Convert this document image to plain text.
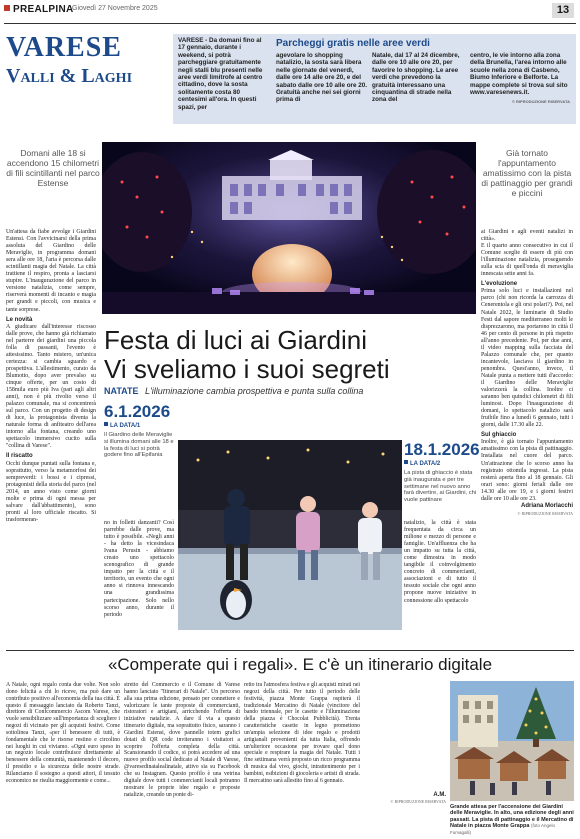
PREALPINA
Giovedì 27 Novembre 2025	13
VARESE
Valli & Laghi
VARESE - Da domani fino al 17 gennaio, durante i weekend, si potrà parcheggiare gratuitamente negli stalli blu presenti nelle aree verdi limitrofe al centro cittadino, dove la sosta solitamente costa 80 centesimi all'ora. In questi spazi, per
Parcheggi gratis nelle aree verdi
agevolare lo shopping natalizio, la sosta sarà libera nelle giornate del venerdì, dalle ore 14 alle ore 20, e del sabato dalle ore 10 alle ore 20. Gratuità anche nei sei giorni prima di
Natale, dal 17 al 24 dicembre, dalle ore 10 alle ore 20, per favorire lo shopping. Le aree verdi che prevedono la gratuità interessano una cinquantina di strade nella zona del
centro, le vie intorno alla zona della Brunella, l'area intorno alle scuole nella zona di Casbeno, Biumo Inferiore e Belforte. La mappe complete si trova sul sito www.varesenews.it.
© RIPRODUZIONE RISERVATA
Domani alle 18 si accendono 15 chilometri di fili scintillanti nel parco Estense
Già tornato l'appuntamento amatissimo con la pista di pattinaggio per grandi e piccini

Un'attesa da fiabe avvolge i Giardini Estensi. Con l'avvicinarsi della prima assoluta del Giardino delle Meraviglie, in programma domani sera alle ore 18, l'aria è percorsa dalle scintillanti magia del Natale. La città trattiene il respiro, pronta a lasciarsi stupire. L'inaugurazione del parco in versione natalizia, come sempre, riserverà momenti di incanto e magia per grandi e piccoli, con musica e tante sorprese.

Le novità

A giudicare dall'interesse riscosso dalle prove, che hanno già richiamato nel parterre dei giardini una piccola folla di passanti, l'evento è attesissimo. Tanto mistero, un'unica certezza: si cambia sguardo e prospettiva. L'allestimento, curato da Blumotto, dopo aver prevalso su cinque offerte, per un costo di 158mila euro più Iva (pari agli altri anni), non è più rivolto verso il palazzo comunale, ma si concentrerà sul parco. Con un progetto di design di luce, la protagonista diventa la naturale forma di anfiteatro dell'area intorno alla fontana, creando uno spettacolo immersivo cucito sulla "collina di Varese".

Il riscatto

Occhi dunque puntati sulla fontana e, soprattutto, verso la metamorfosi dei sempreverdi: i bossi e i cipressi, protagonisti della storia del parco (nel 2014, un anno visto come giorni molte e prima di ogni messa per salvare dall'abbattimento), sono pronti al loro ufficiale riscatto. Si trasformeran-

Festa di luci ai Giardini
Vi sveliamo i suoi segreti
NATATE L'illuminazione cambia prospettiva e punta sulla collina
6.1.2026
LA DATA/1
Il Giardino delle Meraviglie si illumina domani alle 18 e la festa di luci si potrà godere fino all'Epifania	18.1.2026
LA DATA/2
La pista di ghiaccio è stata già inaugurata e per tre settimane nel nuovo anno farà divertire, ai Giardini, chi vuole pattinare
no in folletti danzanti? Così parrebbe dalle prove, ma tutto è possibile. «Negli anni - ha detto la vicesindaca Ivana Perusin - abbiamo creato uno spettacolo scenografico di grande impatto per la città e il territorio, un evento che ogni anno si rinnova innescando una grandissima partecipazione. Solo nello scorso anno, durante il periodo
natalizio, la città è stata frequentata da circa un milione e mezzo di persone e famiglie. Un'affluenza che ha un impatto su tutta la città, come dimostra in modo tangibile il coinvolgimento concreto di commercianti, associazioni e di tutto il tessuto sociale che ogni anno propone nuove iniziative in connessione allo spettacolo

ai Giardini e agli eventi natalizi in città».

E il quarto anno consecutivo in cui il Comune sceglie di essere di più con l'illuminazione natalizia, proseguendo sulla scia di quell'onda di meraviglia innescata sette anni fa.

L'evoluzione

Prima solo luci e installazioni nel parco (chi non ricorda la carrozza di Cenerentola e gli orsi polari?). Poi, nel Natale 2022, le luminarie di Studio Festi dal sapore mediterraneo molti le disprezzarono, ma portarono in città il 46 per cento di persone in più rispetto all'anno precedente. Poi, per due anni, il video mapping sulla facciata del Palazzo comunale che, per quanto incantevole, lasciava il giardino in penombra. Quest'anno, invece, il Natale punta a mettere tutti d'accordo: il Giardino delle Meraviglie valorizzerà la collina. Inoltre ci saranno ben quindici chilometri di fili luminosi. Dopo l'inaugurazione di domani, lo spettacolo natalizio sarà fruibile fino a lunedì 6 gennaio, tutti i giorni, dalle 17.30 alle 22.

Sul ghiaccio

Inoltre, è già tornato l'appuntamento amatissimo con la pista di pattinaggio. Installata nel cuore del parco. Un'attrazione che lo scorso anno ha registrato ottomila ingressi. La pista resterà aperta fino al 18 gennaio. Gli orari sono: giorni feriali dalle ore 14.30 alle ore 19, e i giorni festivi dalle ore 10 alle ore 23.

Adriana Morlacchi
© RIPRODUZIONE RISERVATA
«Comperate qui i regali». E c'è un itinerario digitale
A Natale, ogni regalo conta due volte. Non solo dono felicità a chi lo riceve, ma può dare un contributo positivo all'economia della tua città. È questo il messaggio lanciato da Roberto Tanzi, direttore di Confcommercio Ascom Varese, che vuole sensibilizzare sull'importanza di scegliere i negozi di vicinato per gli acquisti festivi. Come sottolinea Tanzi, «per il benessere di tutti, è fondamentale che le risorse restino e circolino nei luoghi in cui viviamo. «Ogni euro speso in un negozio locale contribuisce direttamente al benessere della comunità, mantenendo il decoro, il presidio e la sicurezza delle nostre strade. Rilanciamo il sostegno a questi attori, il tessuto economico ne risulta maggiormente e come...
stretto del Commercio e il Comune di Varese hanno lanciato "Itinerari di Natale". Un percorso alla sua prima edizione, pensato per connettere e valorizzare le tante proposte di commercianti, ristoratori e artigiani, arricchendo l'offerta di iniziative natalizie. A dare il via a questo itinerario digitale, ma soprattutto fisico, saranno i Giardini Estensi, dove pannelle totem grafici dotati di QR code inviteranno i visitatori a scoprire l'offerta completa della città. Scansionando il codice, si potrà accedere ad una nuovo profilo social dedicato al Natale di Varese, @varesedinatalealinatale, attivo sia su Facebook che su Instagram. Questo profilo è una vetrina digitale dove tutti i commercianti locali potranno mostrare le proprie idee regalo e proposte natalizie, creando un ponte di-
retto tra l'atmosfera festiva e gli acquisti mirati nei negozi della città. Per tutto il periodo delle festività, piazza Monte Grappa ospiterà il tradizionale Mercatino di Natale (vincitore del bando triennale, per le casette e l'illuminazione della piazza è Chocolat Pubblicità). Trenta caratteristiche casette in legno promettono un'ampia selezione di idee regalo e prodotti artigianali provenienti da tutta Italia, offrendo un'ulteriore occasione per trovare quel dono speciale e respirare la magia del Natale. Tutti i fine settimana verrà proposto un ricco programma di musica dal vivo, giochi, intrattenimento per i bambini, esibizioni di giocoleria e artisti di strada. Il mercatino sarà allestito fino al 6 gennaio.
A.M.
© RIPRODUZIONE RISERVATA
Grande attesa per l'accensione dei Giardini delle Meraviglie. In alto, una edizione degli anni passati. La pista di pattinaggio e il Mercatino di Natale in piazza Monte Grappa (foto Angelo Fumagalli)
